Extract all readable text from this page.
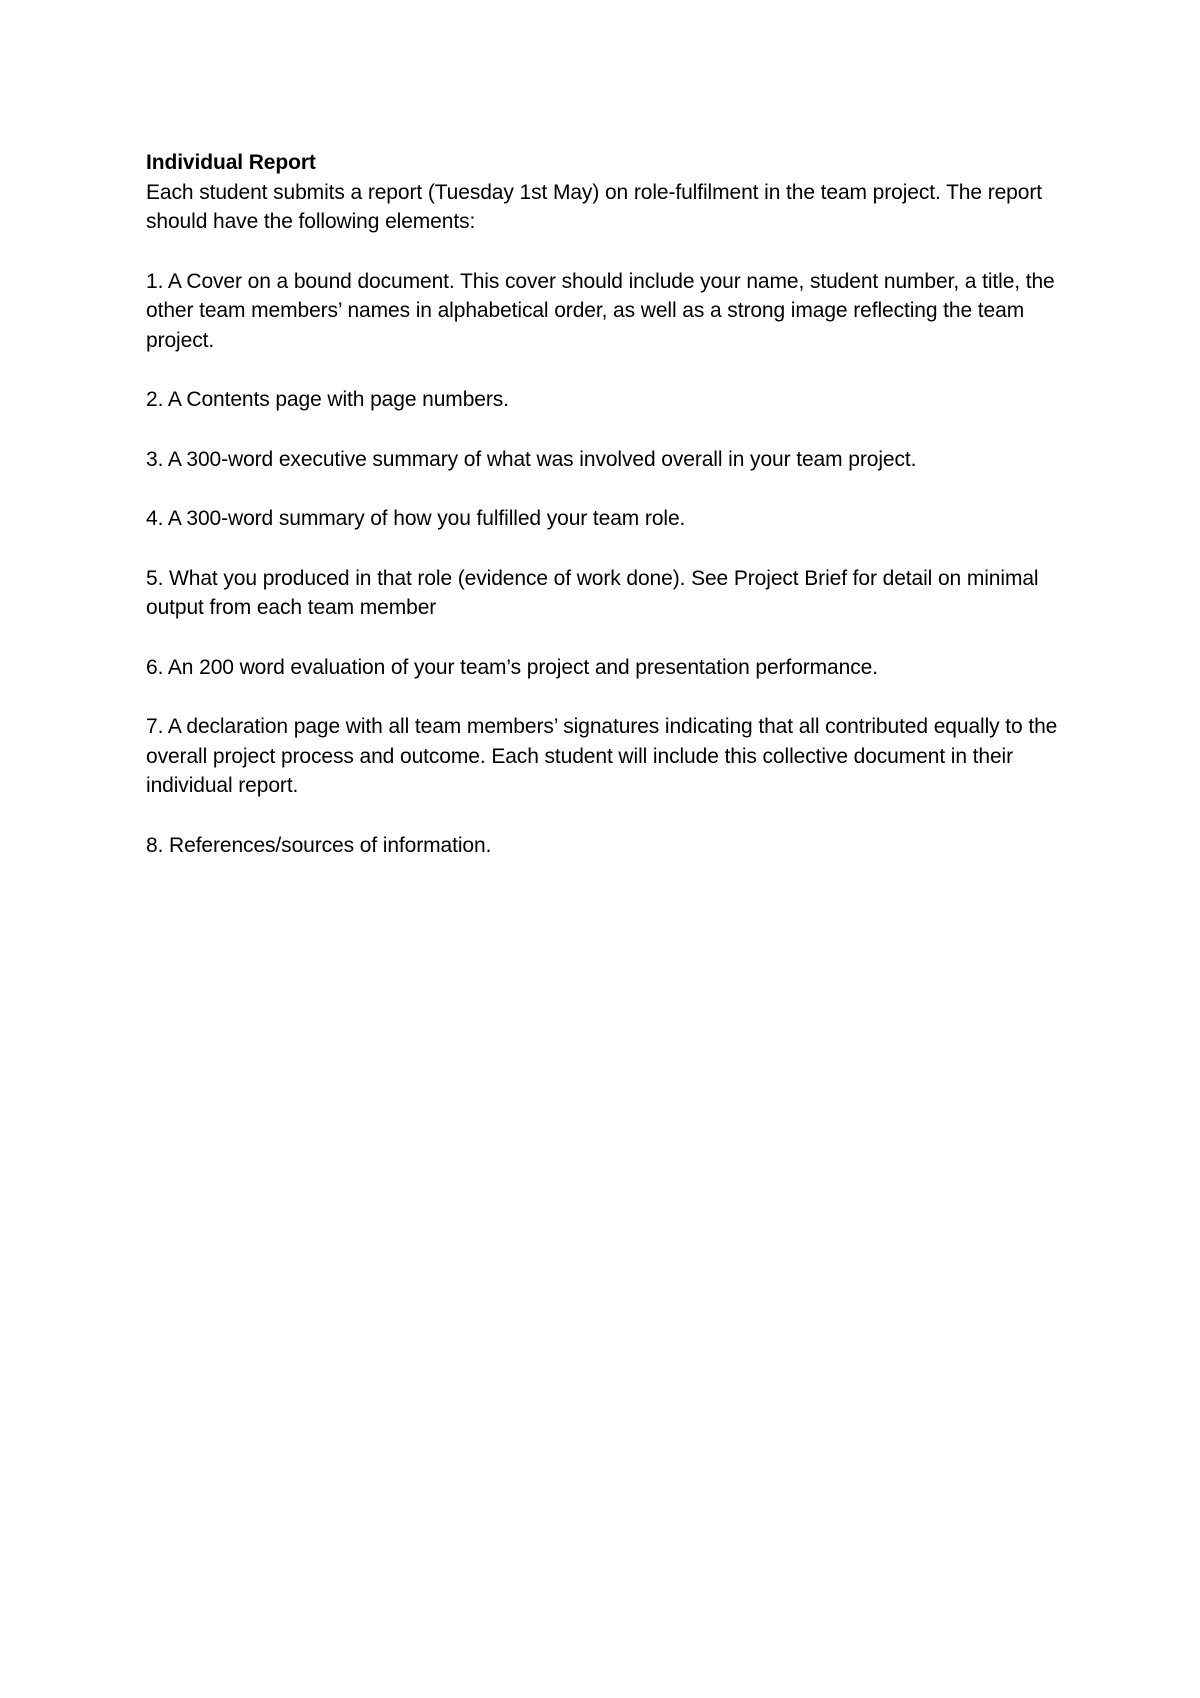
Individual Report

Each student submits a report (Tuesday 1st May) on role-fulfilment in the team project. The report should have the following elements:

1. A Cover on a bound document. This cover should include your name, student number, a title, the other team members’ names in alphabetical order, as well as a strong image reflecting the team project.

2. A Contents page with page numbers.

3. A 300-word executive summary of what was involved overall in your team project.

4. A 300-word summary of how you fulfilled your team role.

5. What you produced in that role (evidence of work done). See Project Brief for detail on minimal output from each team member

6. An 200 word evaluation of your team’s project and presentation performance.

7. A declaration page with all team members’ signatures indicating that all contributed equally to the overall project process and outcome. Each student will include this collective document in their individual report.

8. References/sources of information.
